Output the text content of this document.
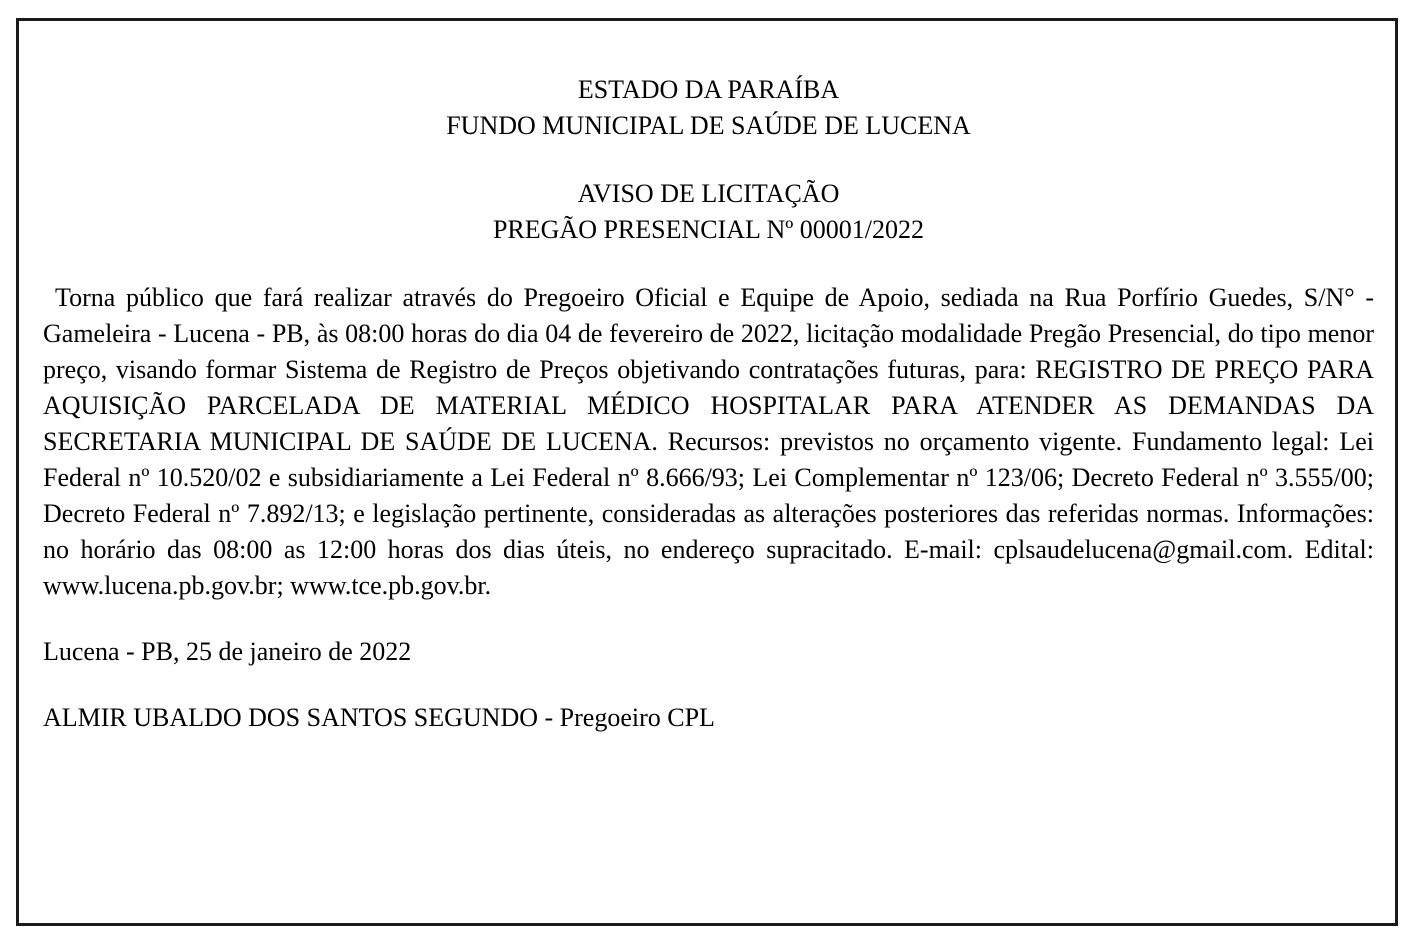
ESTADO DA PARAÍBA

FUNDO MUNICIPAL DE SAÚDE DE LUCENA

AVISO DE LICITAÇÃO

PREGÃO PRESENCIAL Nº 00001/2022

Torna público que fará realizar através do Pregoeiro Oficial e Equipe de Apoio, sediada na Rua Porfírio Guedes, S/N° - Gameleira - Lucena - PB, às 08:00 horas do dia 04 de fevereiro de 2022, licitação modalidade Pregão Presencial, do tipo menor preço, visando formar Sistema de Registro de Preços objetivando contratações futuras, para: REGISTRO DE PREÇO PARA AQUISIÇÃO PARCELADA DE MATERIAL MÉDICO HOSPITALAR PARA ATENDER AS DEMANDAS DA SECRETARIA MUNICIPAL DE SAÚDE DE LUCENA. Recursos: previstos no orçamento vigente. Fundamento legal: Lei Federal nº 10.520/02 e subsidiariamente a Lei Federal nº 8.666/93; Lei Complementar nº 123/06; Decreto Federal nº 3.555/00; Decreto Federal nº 7.892/13; e legislação pertinente, consideradas as alterações posteriores das referidas normas. Informações: no horário das 08:00 as 12:00 horas dos dias úteis, no endereço supracitado. E-mail: cplsaudelucena@gmail.com. Edital: www.lucena.pb.gov.br; www.tce.pb.gov.br.

Lucena - PB, 25 de janeiro de 2022

ALMIR UBALDO DOS SANTOS SEGUNDO - Pregoeiro CPL
